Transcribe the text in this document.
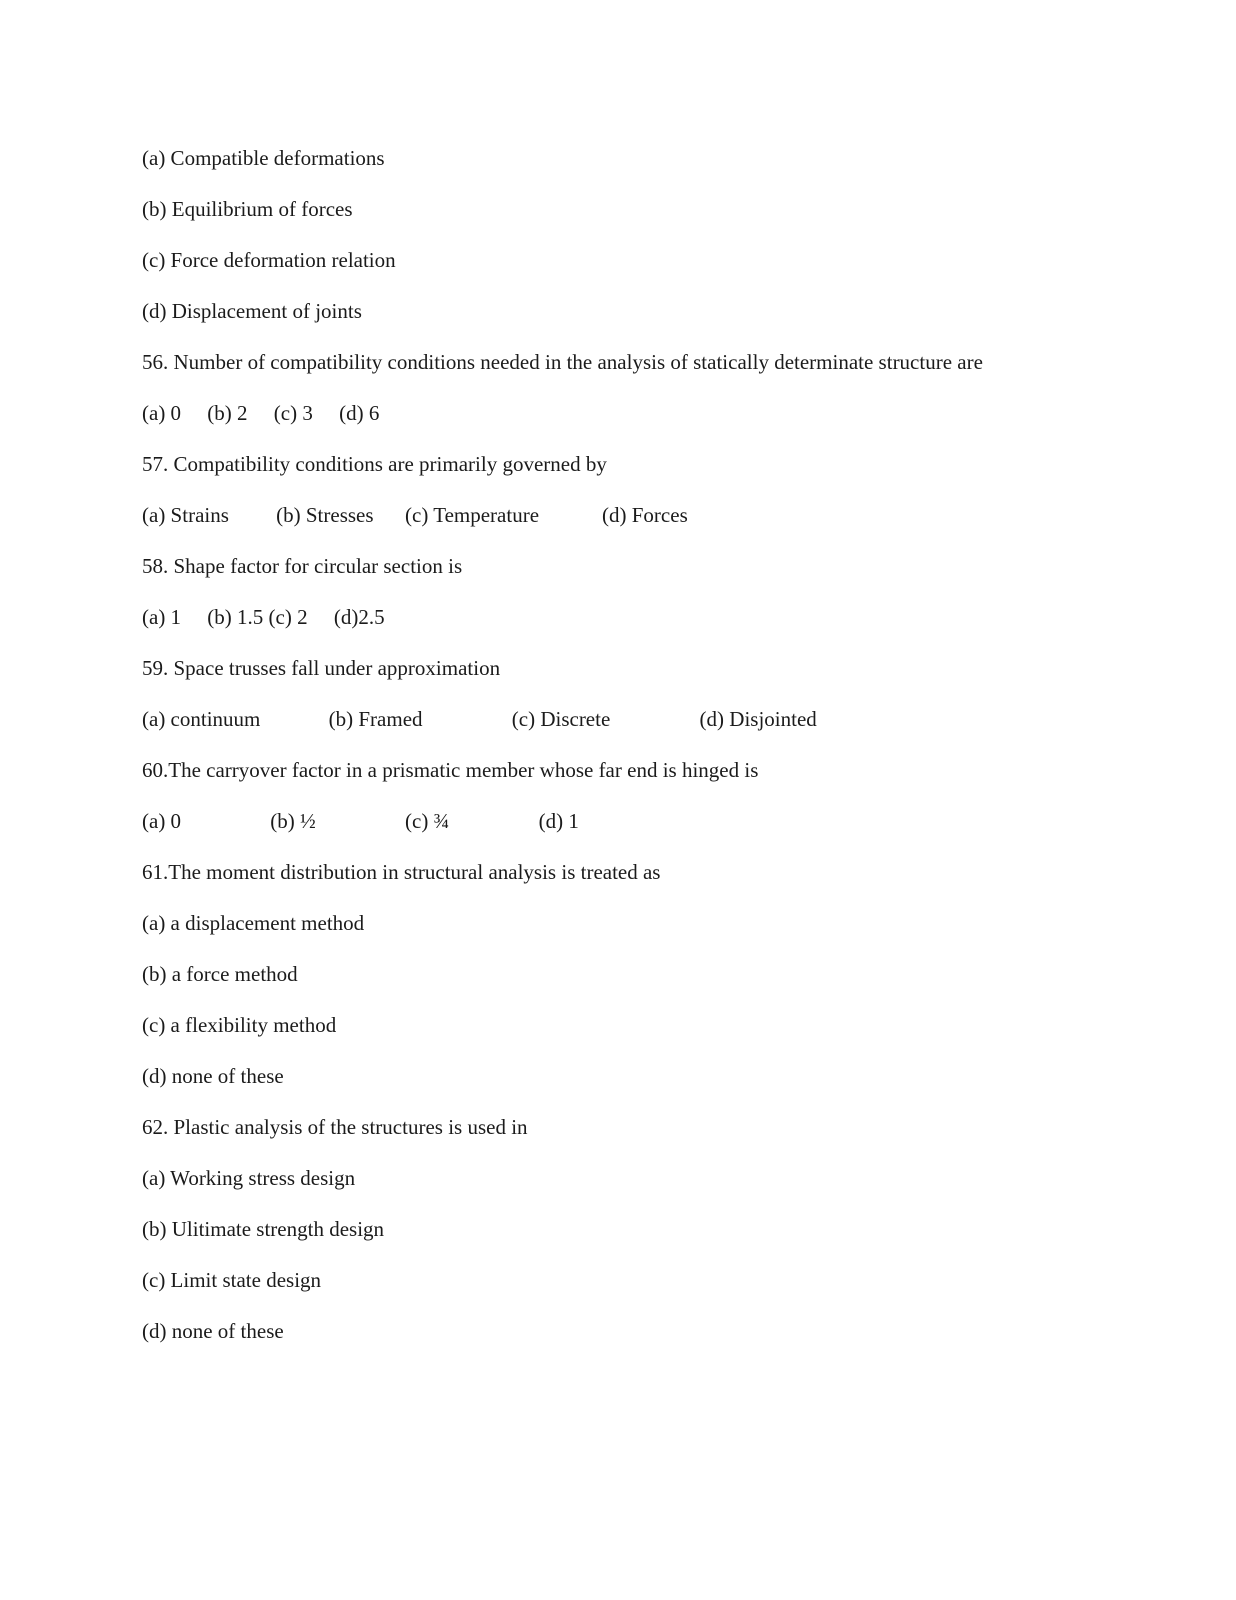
(a) Compatible deformations

(b) Equilibrium of forces

(c) Force deformation relation

(d) Displacement of joints

56. Number of compatibility conditions needed in the analysis of statically determinate structure are

(a) 0     (b) 2     (c) 3     (d) 6

57. Compatibility conditions are primarily governed by

(a) Strains         (b) Stresses      (c) Temperature            (d) Forces

58. Shape factor for circular section is

(a) 1     (b) 1.5 (c) 2     (d)2.5

59. Space trusses fall under approximation

(a) continuum             (b) Framed                 (c) Discrete                 (d) Disjointed

60.The carryover factor in a prismatic member whose far end is hinged is

(a) 0                 (b) ½                 (c) ¾                 (d) 1

61.The moment distribution in structural analysis is treated as

(a) a displacement method

(b) a force method

(c) a flexibility method

(d) none of these

62. Plastic analysis of the structures is used in

(a) Working stress design

(b) Ulitimate strength design

(c) Limit state design

(d) none of these
